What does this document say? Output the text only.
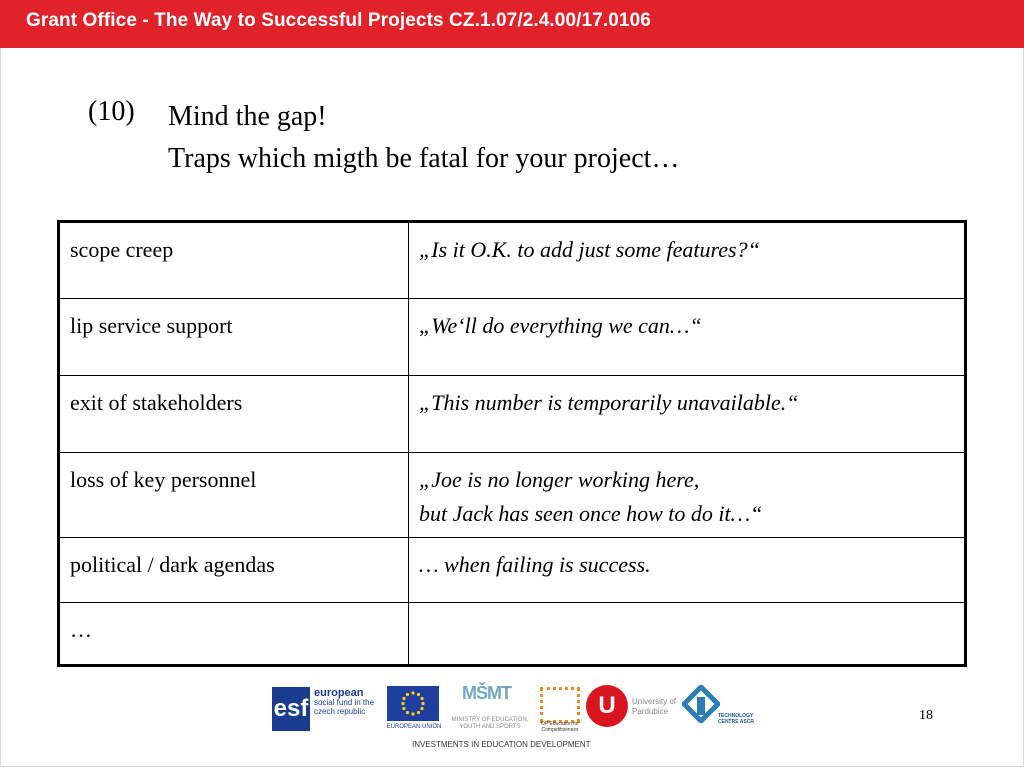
Grant Office - The Way to Successful Projects CZ.1.07/2.4.00/17.0106
(10) Mind the gap!
Traps which migth be fatal for your project…
scope creep	„Is it O.K. to add just some features?“

lip service support	„We‘ll do everything we can…“

exit of stakeholders	„This number is temporarily unavailable.“

loss of key personnel	„Joe is no longer working here,
but Jack has seen once how to do it…“

political / dark agendas	… when failing is success.

…	
esf
european
social fund in the czech republic
EUROPEAN UNION
MŠMT
MINISTRY OF EDUCATION, YOUTH AND SPORTS	OP Education for Competitiveness
U	University of Pardubice	TECHNOLOGY CENTRE ASCR
INVESTMENTS IN EDUCATION DEVELOPMENT
18
